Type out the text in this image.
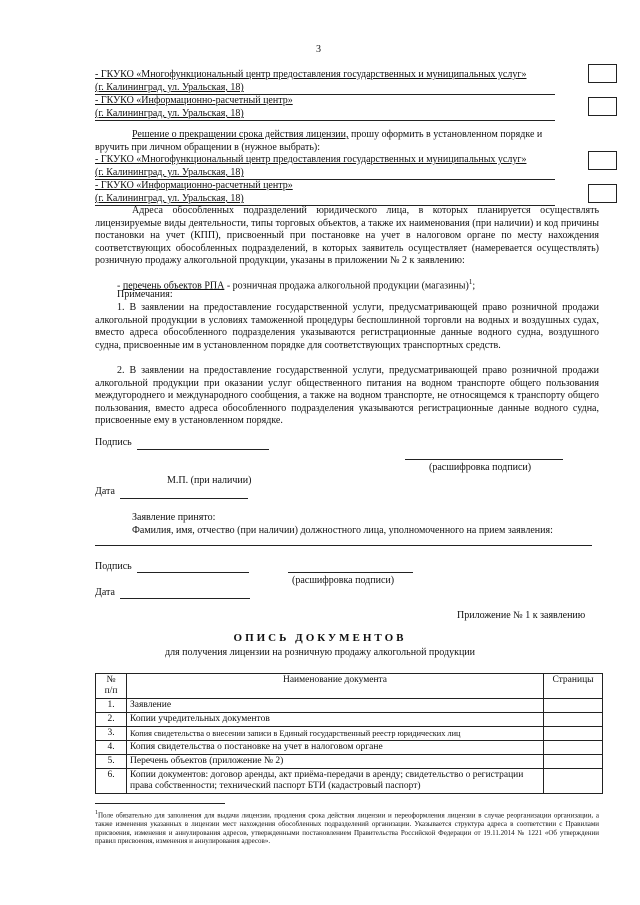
3
- ГКУКО «Многофункциональный центр предоставления государственных и муниципальных услуг»
(г. Калининград, ул. Уральская, 18)
- ГКУКО «Информационно-расчетный центр»
(г. Калининград, ул. Уральская, 18)
Решение о прекращении срока действия лицензии, прошу оформить в установленном порядке и
вручить при личном обращении в (нужное выбрать):
- ГКУКО «Многофункциональный центр предоставления государственных и муниципальных услуг»
(г. Калининград, ул. Уральская, 18)
- ГКУКО «Информационно-расчетный центр»
(г. Калининград, ул. Уральская, 18)
Адреса обособленных подразделений юридического лица, в которых планируется осуществлять лицензируемые виды деятельности, типы торговых объектов, а также их наименования (при наличии) и код причины постановки на учет (КПП), присвоенный при постановке на учет в налоговом органе по месту нахождения соответствующих обособленных подразделений, в которых заявитель осуществляет (намеревается осуществлять) розничную продажу алкогольной продукции, указаны в приложении № 2 к заявлению:
- перечень объектов РПА - розничная продажа алкогольной продукции (магазины)$^1$;
Примечания:
1. В заявлении на предоставление государственной услуги, предусматривающей право розничной продажи алкогольной продукции в условиях таможенной процедуры беспошлинной торговли на водных и воздушных судах, вместо адреса обособленного подразделения указываются регистрационные данные водного судна, воздушного судна, присвоенные им в установленном порядке для соответствующих транспортных средств.
2. В заявлении на предоставление государственной услуги, предусматривающей право розничной продажи алкогольной продукции при оказании услуг общественного питания на водном транспорте общего пользования междугороднего и международного сообщения, а также на водном транспорте, не относящемся к транспорту общего пользования, вместо адреса обособленного подразделения указываются регистрационные данные водного судна, присвоенные ему в установленном порядке.
Подпись
(расшифровка подписи)
М.П. (при наличии)
Дата
Заявление принято:
Фамилия, имя, отчество (при наличии) должностного лица, уполномоченного на прием заявления:
Подпись
(расшифровка подписи)
Дата
Приложение № 1 к заявлению
ОПИСЬ ДОКУМЕНТОВ
для получения лицензии на розничную продажу алкогольной продукции
№
п/п	Наименование документа	Страницы
1.	Заявление	
2.	Копии учредительных документов	
3.	Копия свидетельства о внесении записи в Единый государственный реестр юридических лиц	
4.	Копия свидетельства о постановке на учет в налоговом органе	
5.	Перечень объектов (приложение № 2)	
6.	Копии документов: договор аренды, акт приёма-передачи в аренду; свидетельство о регистрации права собственности; технический паспорт БТИ (кадастровый паспорт)	
$^1$Поле обязательно для заполнения для выдачи лицензии, продления срока действия лицензии и переоформления лицензии в случае реорганизации организации, а также изменения указанных в лицензии мест нахождения обособленных подразделений организации. Указывается структура адреса в соответствии с Правилами присвоения, изменения и аннулирования адресов, утвержденными постановлением Правительства Российской Федерации от 19.11.2014 № 1221 «Об утверждении правил присвоения, изменения и аннулирования адресов».
